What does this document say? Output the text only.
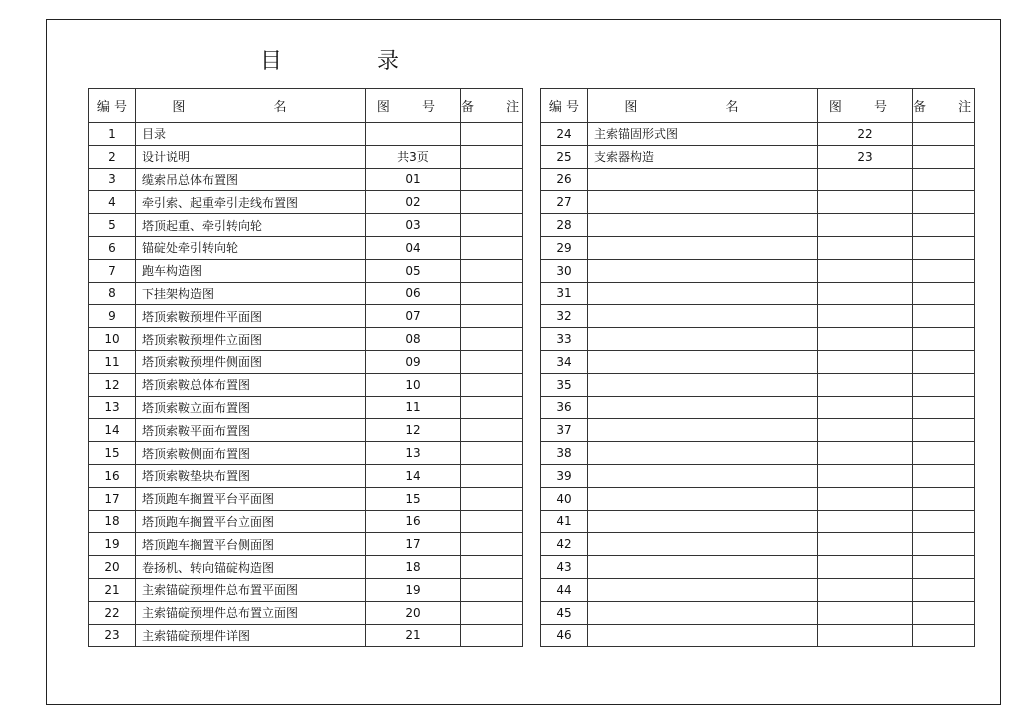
目 录
编 号	图 名	图 号	备 注
1	目录		
2	设计说明	共3页	
3	缆索吊总体布置图	01	
4	牵引索、起重牵引走线布置图	02	
5	塔顶起重、牵引转向轮	03	
6	锚碇处牵引转向轮	04	
7	跑车构造图	05	
8	下挂架构造图	06	
9	塔顶索鞍预埋件平面图	07	
10	塔顶索鞍预埋件立面图	08	
11	塔顶索鞍预埋件侧面图	09	
12	塔顶索鞍总体布置图	10	
13	塔顶索鞍立面布置图	11	
14	塔顶索鞍平面布置图	12	
15	塔顶索鞍侧面布置图	13	
16	塔顶索鞍垫块布置图	14	
17	塔顶跑车搁置平台平面图	15	
18	塔顶跑车搁置平台立面图	16	
19	塔顶跑车搁置平台侧面图	17	
20	卷扬机、转向锚碇构造图	18	
21	主索锚碇预埋件总布置平面图	19	
22	主索锚碇预埋件总布置立面图	20	
23	主索锚碇预埋件详图	21	
编 号	图 名	图 号	备 注
24	主索锚固形式图	22	
25	支索器构造	23	
26			
27			
28			
29			
30			
31			
32			
33			
34			
35			
36			
37			
38			
39			
40			
41			
42			
43			
44			
45			
46			
